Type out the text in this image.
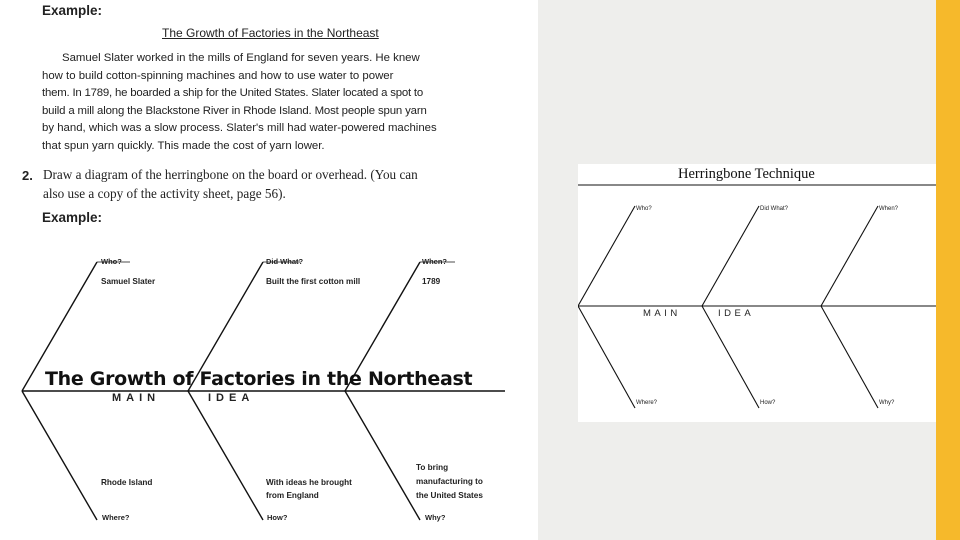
Example:
The Growth of Factories in the Northeast

Samuel Slater worked in the mills of England for seven years. He knew

how to build cotton-spinning machines and how to use water to power
them. In 1789, he boarded a ship for the United States. Slater located a spot to
build a mill along the Blackstone River in Rhode Island. Most people spun yarn
by hand, which was a slow process. Slater's mill had water-powered machines
that spun yarn quickly. This made the cost of yarn lower.
2. Draw a diagram of the herringbone on the board or overhead. (You can
also use a copy of the activity sheet, page 56).
Example:
Who?
Samuel Slater
Did What?
Built the first cotton mill
When?
1789
The Growth of Factories in the Northeast
MAIN	IDEA
Rhode Island
Where?
With ideas he brought
from England
How?
To bring
manufacturing to
the United States
Why?
Herringbone Technique
Who?	Did What?	When?
MAIN	IDEA
Where?	How?	Why?
